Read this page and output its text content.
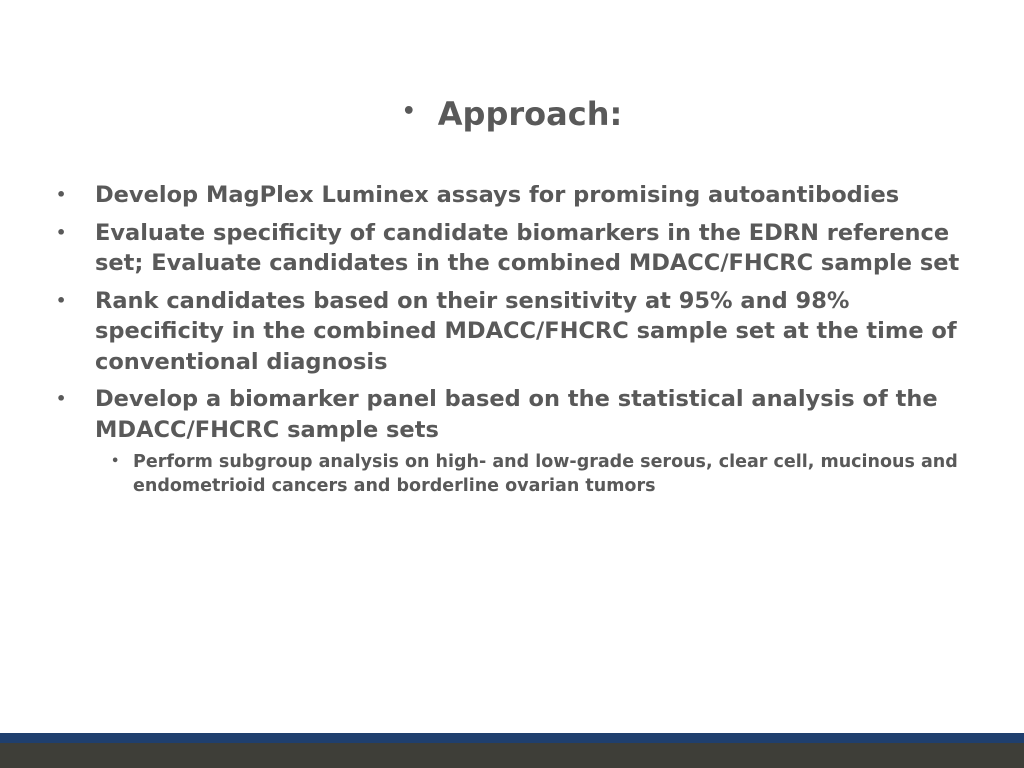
• Approach:
• Develop MagPlex Luminex assays for promising autoantibodies
• Evaluate specificity of candidate biomarkers in the EDRN reference set; Evaluate candidates in the combined MDACC/FHCRC sample set
• Rank candidates based on their sensitivity at 95% and 98% specificity in the combined MDACC/FHCRC sample set at the time of conventional diagnosis
• Develop a biomarker panel based on the statistical analysis of the MDACC/FHCRC sample sets
• Perform subgroup analysis on high- and low-grade serous, clear cell, mucinous and endometrioid cancers and borderline ovarian tumors
